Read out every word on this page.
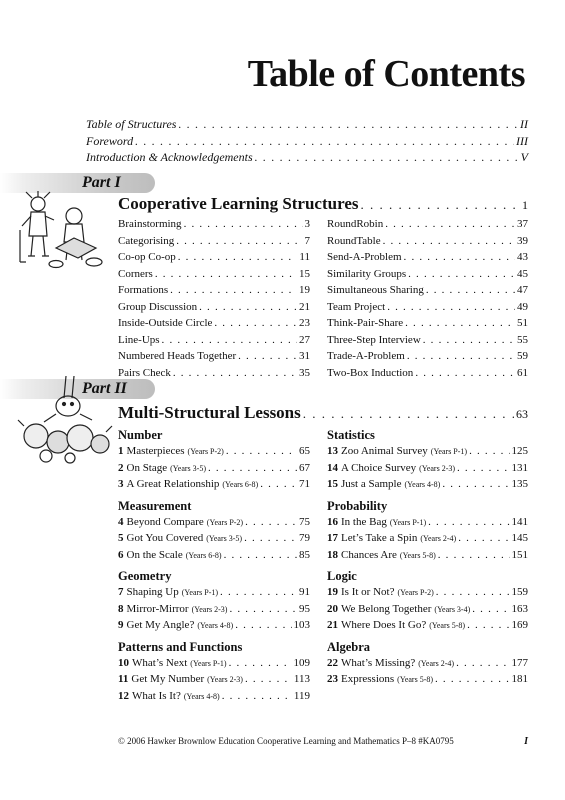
Table of Contents
Table of Structures . . .	II
Foreword . . .	III
Introduction & Acknowledgements . . .	V
Part I
Cooperative Learning Structures . . .	1
Brainstorming . . .	3
Categorising . . .	7
Co-op Co-op . . .	11
Corners . . .	15
Formations . . .	19
Group Discussion . . .	21
Inside-Outside Circle . . .	23
Line-Ups . . .	27
Numbered Heads Together . . .	31
Pairs Check . . .	35
RoundRobin . . .	37
RoundTable . . .	39
Send-A-Problem . . .	43
Similarity Groups . . .	45
Simultaneous Sharing . . .	47
Team Project . . .	49
Think-Pair-Share . . .	51
Three-Step Interview . . .	55
Trade-A-Problem . . .	59
Two-Box Induction . . .	61
Part II
Multi-Structural Lessons . . .	63
Number
1 Masterpieces (Years P-2) . . .	65
2 On Stage (Years 3-5) . . .	67
3 A Great Relationship (Years 6-8) . . .	71
Measurement
4 Beyond Compare (Years P-2) . . .	75
5 Got You Covered (Years 3-5) . . .	79
6 On the Scale (Years 6-8) . . .	85
Geometry
7 Shaping Up (Years P-1) . . .	91
8 Mirror-Mirror (Years 2-3) . . .	95
9 Get My Angle? (Years 4-8) . . .	103
Patterns and Functions
10 What’s Next (Years P-1) . . .	109
11 Get My Number (Years 2-3) . . .	113
12 What Is It? (Years 4-8) . . .	119
Statistics
13 Zoo Animal Survey (Years P-1) . . .	125
14 A Choice Survey (Years 2-3) . . .	131
15 Just a Sample (Years 4-8) . . .	135
Probability
16 In the Bag (Years P-1) . . .	141
17 Let’s Take a Spin (Years 2-4) . . .	145
18 Chances Are (Years 5-8) . . .	151
Logic
19 Is It or Not? (Years P-2) . . .	159
20 We Belong Together (Years 3-4) . . .	163
21 Where Does It Go? (Years 5-8) . . .	169
Algebra
22 What’s Missing? (Years 2-4) . . .	177
23 Expressions (Years 5-8) . . .	181
© 2006 Hawker Brownlow Education Cooperative Learning and Mathematics P–8 #KA0795	I
